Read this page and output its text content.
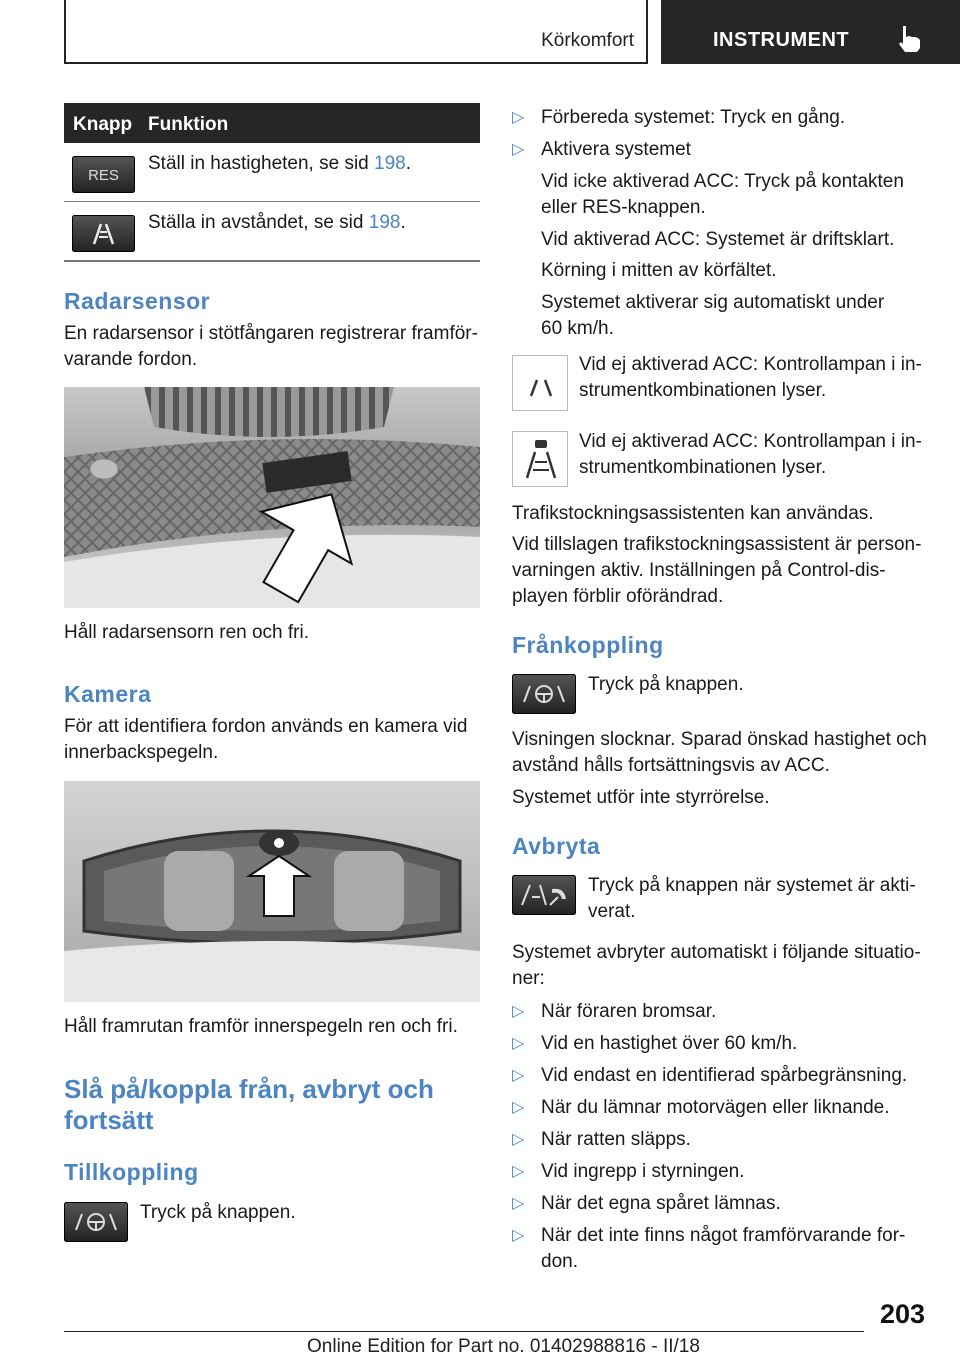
Körkomfort	INSTRUMENT
Knapp Funktion
RES
Ställ in hastigheten, se sid 198.
Ställa in avståndet, se sid 198.
Radarsensor

En radarsensor i stötfångaren registrerar framför-

varande fordon.

Håll radarsensorn ren och fri.

Kamera

För att identifiera fordon används en kamera vid

innerbackspegeln.

Håll framrutan framför innerspegeln ren och fri.

Slå på/koppla från, avbryt och
fortsätt
Tillkoppling

Tryck på knappen.

▷ Förbereda systemet: Tryck en gång.
▷ Aktivera systemet

Vid icke aktiverad ACC: Tryck på kontakten

eller RES-knappen.

Vid aktiverad ACC: Systemet är driftsklart.

Körning i mitten av körfältet.

Systemet aktiverar sig automatiskt under

60 km/h.

Vid ej aktiverad ACC: Kontrollampan i in-

strumentkombinationen lyser.

Vid ej aktiverad ACC: Kontrollampan i in-

strumentkombinationen lyser.

Trafikstockningsassistenten kan användas.

Vid tillslagen trafikstockningsassistent är person-

varningen aktiv. Inställningen på Control-dis-

playen förblir oförändrad.

Frånkoppling

Tryck på knappen.

Visningen slocknar. Sparad önskad hastighet och

avstånd hålls fortsättningsvis av ACC.

Systemet utför inte styrrörelse.

Avbryta

Tryck på knappen när systemet är akti-

verat.

Systemet avbryter automatiskt i följande situatio-

ner:

▷ När föraren bromsar.
▷ Vid en hastighet över 60 km/h.
▷ Vid endast en identifierad spårbegränsning.
▷ När du lämnar motorvägen eller liknande.
▷ När ratten släpps.
▷ Vid ingrepp i styrningen.
▷ När det egna spåret lämnas.
▷ När det inte finns något framförvarande for-

don.

203
Online Edition for Part no. 01402988816 - II/18
